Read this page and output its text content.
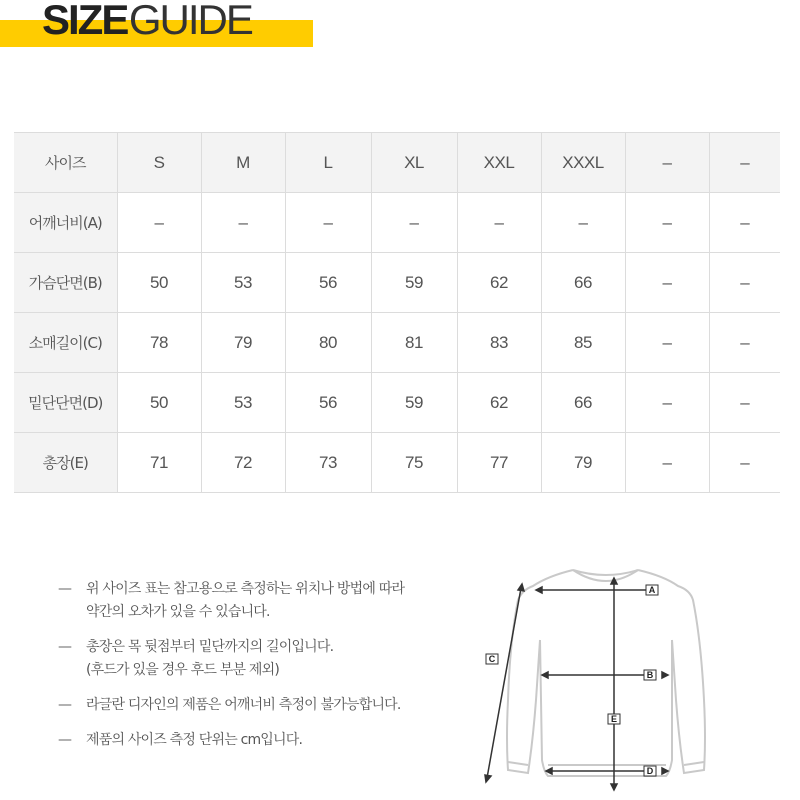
SIZE GUIDE
사이즈	S	M	L	XL	XXL	XXXL	–	–
어깨너비(A)	–	–	–	–	–	–	–	–
가슴단면(B)	50	53	56	59	62	66	–	–
소매길이(C)	78	79	80	81	83	85	–	–
밑단단면(D)	50	53	56	59	62	66	–	–
총장(E)	71	72	73	75	77	79	–	–
— 위 사이즈 표는 참고용으로 측정하는 위치나 방법에 따라
약간의 오차가 있을 수 있습니다.
— 총장은 목 뒷점부터 밑단까지의 길이입니다.
(후드가 있을 경우 후드 부분 제외)
— 라글란 디자인의 제품은 어깨너비 측정이 불가능합니다.
— 제품의 사이즈 측정 단위는 cm입니다.
A
B
C
D
E
